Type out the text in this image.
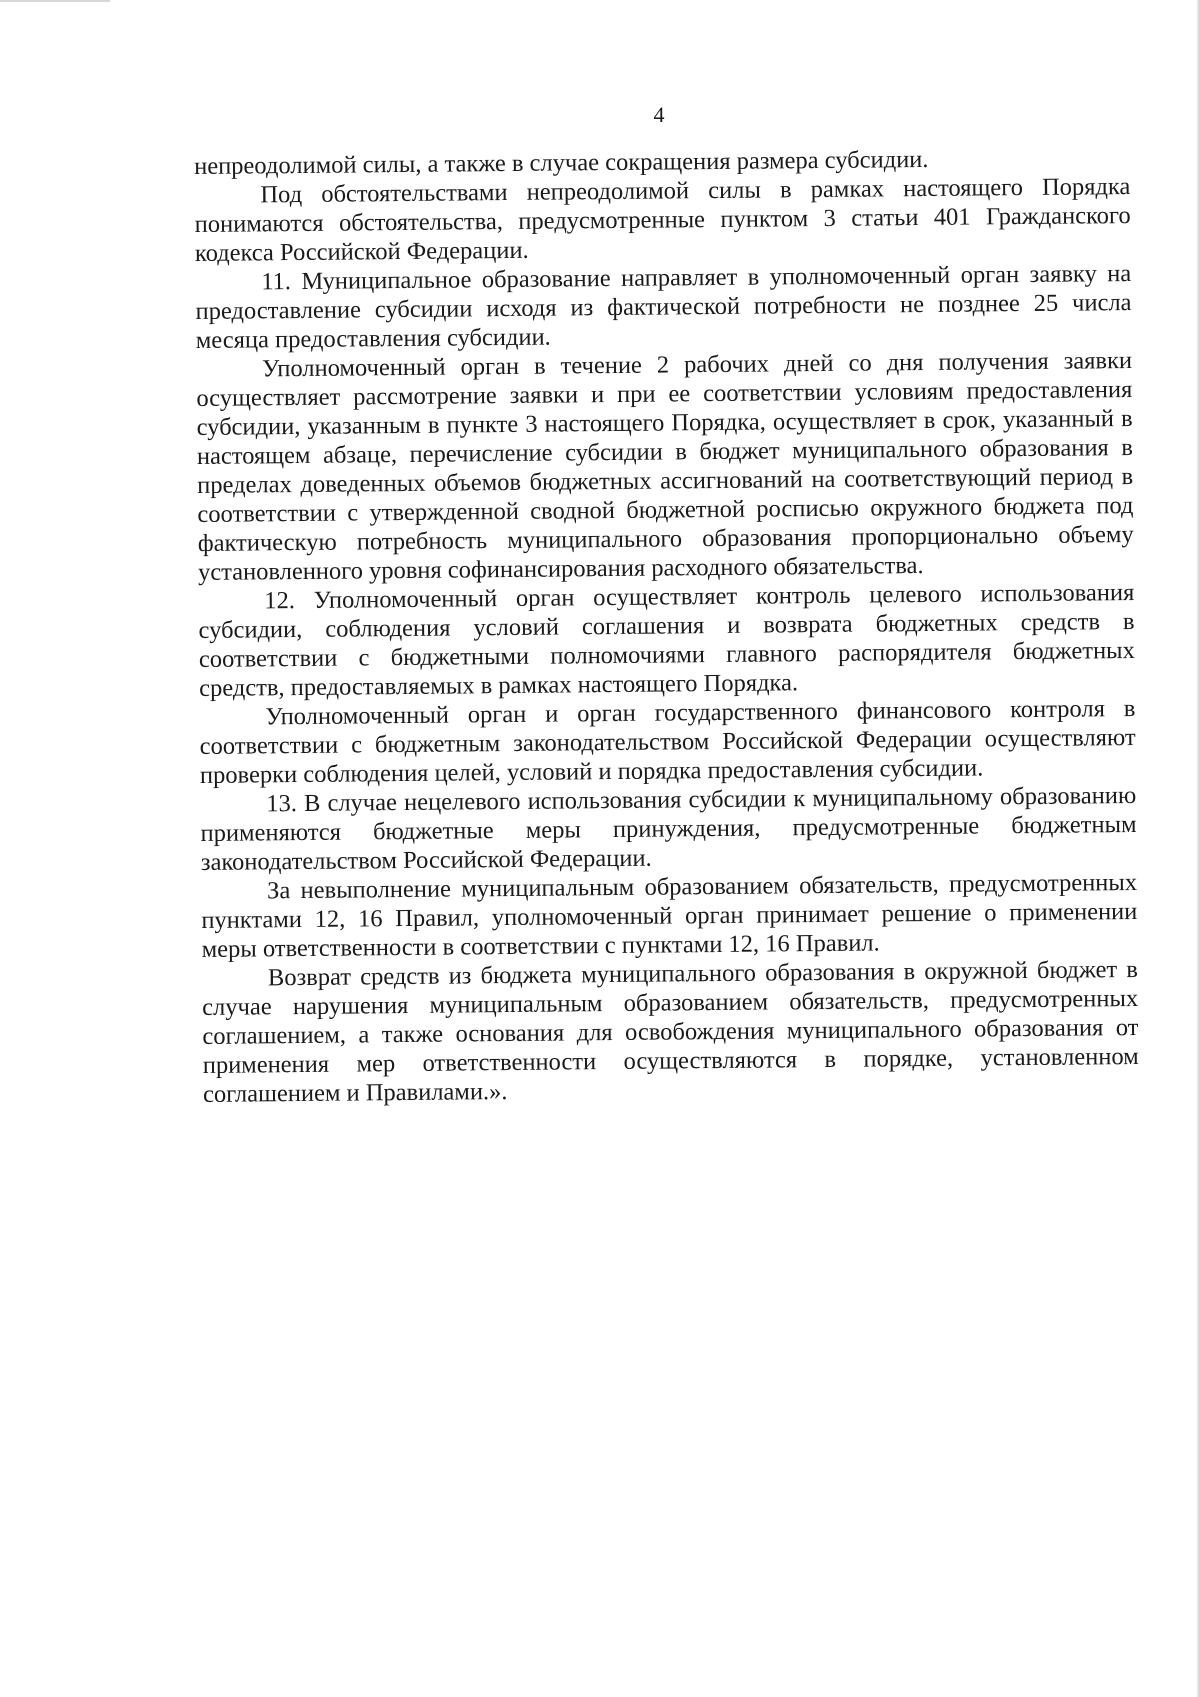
4

непреодолимой силы, а также в случае сокращения размера субсидии.

Под обстоятельствами непреодолимой силы в рамках настоящего Порядка понимаются обстоятельства, предусмотренные пунктом 3 статьи 401 Гражданского кодекса Российской Федерации.

11. Муниципальное образование направляет в уполномоченный орган заявку на предоставление субсидии исходя из фактической потребности не позднее 25 числа месяца предоставления субсидии.

Уполномоченный орган в течение 2 рабочих дней со дня получения заявки осуществляет рассмотрение заявки и при ее соответствии условиям предоставления субсидии, указанным в пункте 3 настоящего Порядка, осуществляет в срок, указанный в настоящем абзаце, перечисление субсидии в бюджет муниципального образования в пределах доведенных объемов бюджетных ассигнований на соответствующий период в соответствии с утвержденной сводной бюджетной росписью окружного бюджета под фактическую потребность муниципального образования пропорционально объему установленного уровня софинансирования расходного обязательства.

12. Уполномоченный орган осуществляет контроль целевого использования субсидии, соблюдения условий соглашения и возврата бюджетных средств в соответствии с бюджетными полномочиями главного распорядителя бюджетных средств, предоставляемых в рамках настоящего Порядка.

Уполномоченный орган и орган государственного финансового контроля в соответствии с бюджетным законодательством Российской Федерации осуществляют проверки соблюдения целей, условий и порядка предоставления субсидии.

13. В случае нецелевого использования субсидии к муниципальному образованию применяются бюджетные меры принуждения, предусмотренные бюджетным законодательством Российской Федерации.

За невыполнение муниципальным образованием обязательств, предусмотренных пунктами 12, 16 Правил, уполномоченный орган принимает решение о применении меры ответственности в соответствии с пунктами 12, 16 Правил.

Возврат средств из бюджета муниципального образования в окружной бюджет в случае нарушения муниципальным образованием обязательств, предусмотренных соглашением, а также основания для освобождения муниципального образования от применения мер ответственности осуществляются в порядке, установленном соглашением и Правилами.».
